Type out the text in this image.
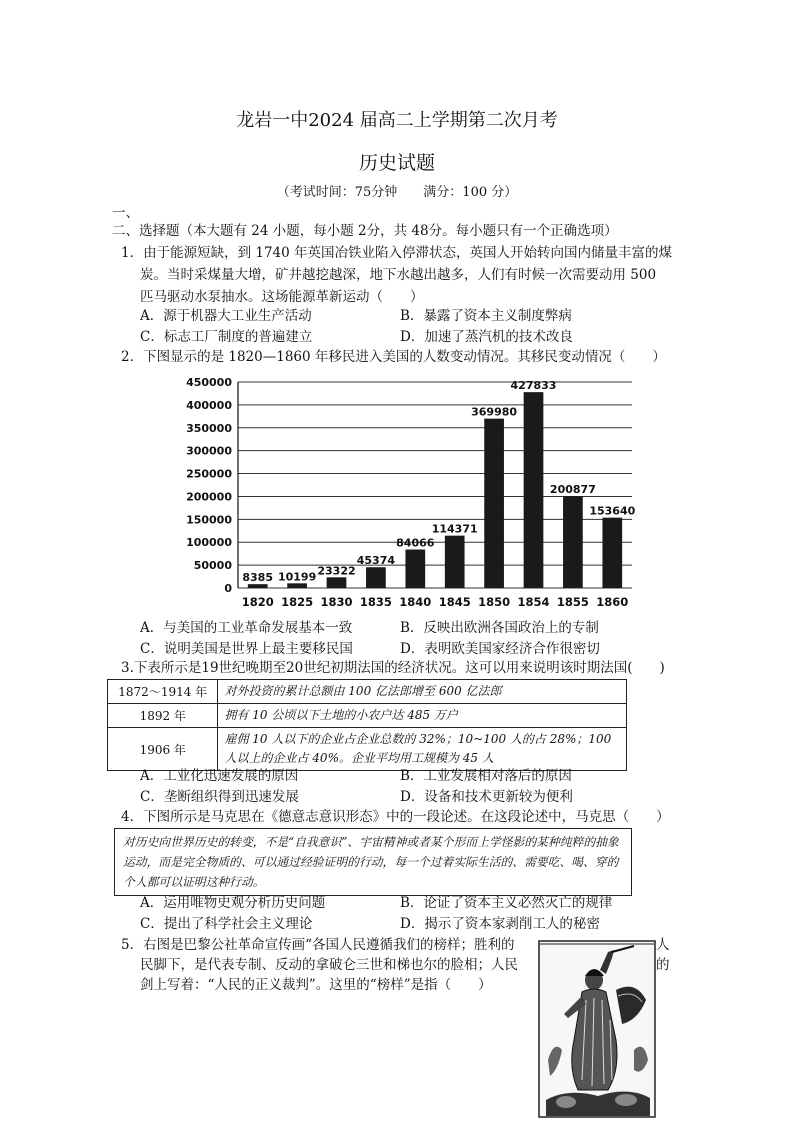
龙岩一中2024 届高二上学期第二次月考
历史试题
（考试时间：75分钟　　满分：100 分）
一、
二、选择题（本大题有 24 小题，每小题 2分，共 48分。每小题只有一个正确选项）
1．由于能源短缺，到 1740 年英国冶铁业陷入停滞状态，英国人开始转向国内储量丰富的煤
炭。当时采煤量大增，矿井越挖越深，地下水越出越多，人们有时候一次需要动用 500
匹马驱动水泵抽水。这场能源革新运动（　　）
A．源于机器大工业生产活动	B．暴露了资本主义制度弊病
C．标志工厂制度的普遍建立	D．加速了蒸汽机的技术改良
2．下图显示的是 1820—1860 年移民进入美国的人数变动情况。其移民变动情况（　　）
0
50000
100000
150000
200000
250000
300000
350000
400000
450000
8385
1820
10199
1825
23322
1830
45374
1835
84066
1840
114371
1845
369980
1850
427833
1854
200877
1855
153640
1860
A．与美国的工业革命发展基本一致	B．反映出欧洲各国政治上的专制
C．说明美国是世界上最主要移民国	D．表明欧美国家经济合作很密切
3.下表所示是19世纪晚期至20世纪初期法国的经济状况。这可以用来说明该时期法国(　　)
1872～1914 年	对外投资的累计总额由 100 亿法郎增至 600 亿法郎
1892 年	拥有 10 公顷以下土地的小农户达 485 万户
1906 年	雇佣 10 人以下的企业占企业总数的 32%；10~100 人的占 28%；100 人以上的企业占 40%。企业平均用工规模为 45 人
A．工业化迅速发展的原因	B．工业发展相对落后的原因
C．垄断组织得到迅速发展	D．设备和技术更新较为便利
4．下图所示是马克思在《德意志意识形态》中的一段论述。在这段论述中，马克思（　　）
对历史向世界历史的转变，不是“自我意识”、宇宙精神或者某个形而上学怪影的某种纯粹的抽象运动，而是完全物质的、可以通过经验证明的行动，每一个过着实际生活的、需要吃、喝、穿的个人都可以证明这种行动。
A．运用唯物史观分析历史问题	B．论证了资本主义必然灭亡的规律
C．提出了科学社会主义理论	D．揭示了资本家剥削工人的秘密
5．右图是巴黎公社革命宣传画“各国人民遵循我们的榜样；胜利的	人
民脚下，是代表专制、反动的拿破仑三世和梯也尔的脸相；人民	的
剑上写着：“人民的正义裁判”。这里的“榜样”是指（　　）
